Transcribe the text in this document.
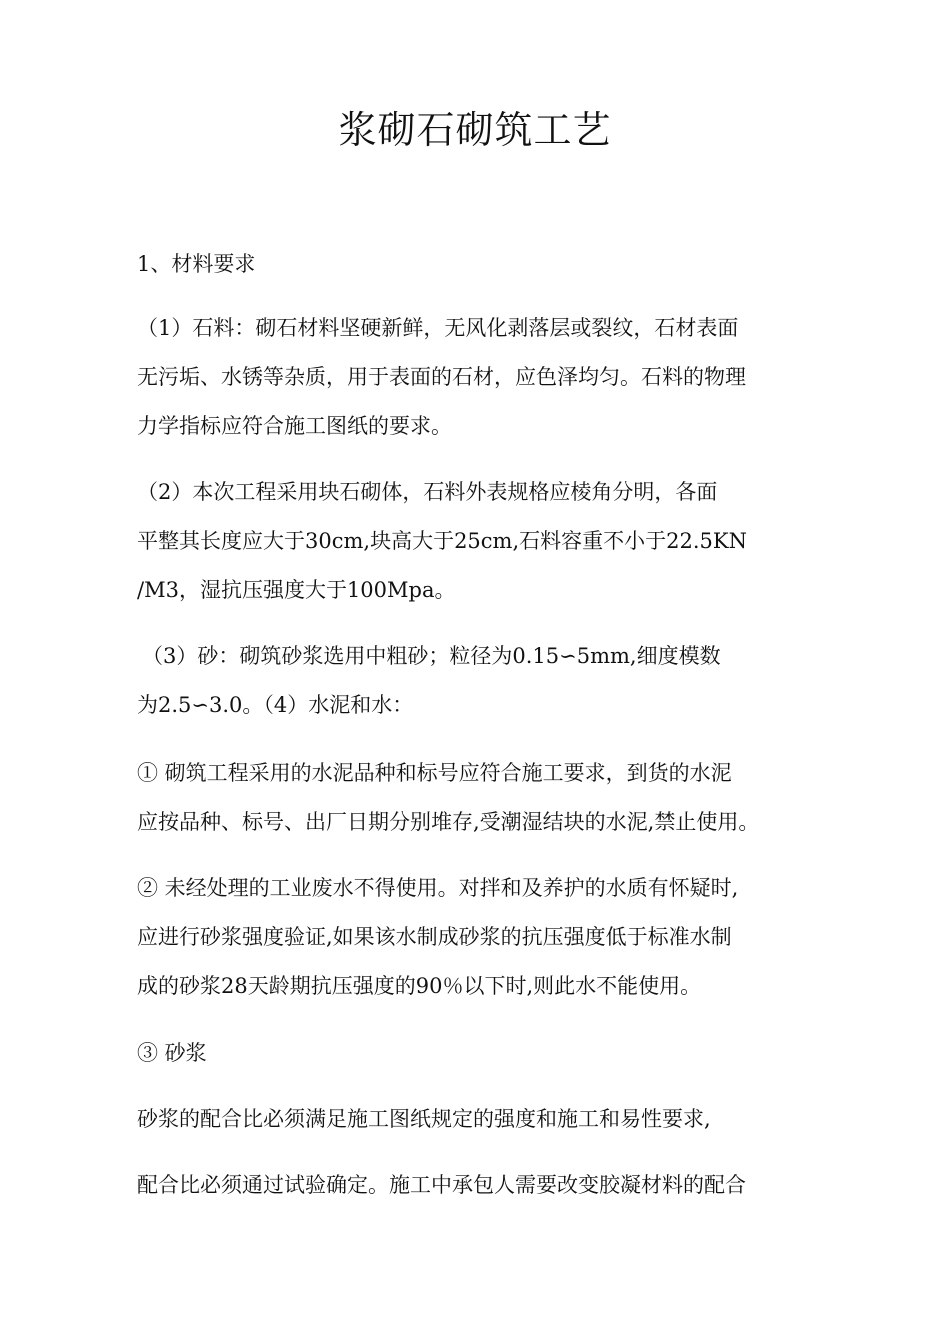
浆砌石砌筑工艺
1、材料要求
（1）石料：砌石材料坚硬新鲜，无风化剥落层或裂纹，石材表面
无污垢、水锈等杂质，用于表面的石材，应色泽均匀。石料的物理
力学指标应符合施工图纸的要求。
（2）本次工程采用块石砌体，石料外表规格应棱角分明，各面
平整其长度应大于30cm,块高大于25cm,石料容重不小于22.5KN
/M3，湿抗压强度大于100Mpa。
（3）砂：砌筑砂浆选用中粗砂；粒径为0.15∽5mm,细度模数
为2.5∽3.0。（4）水泥和水：
① 砌筑工程采用的水泥品种和标号应符合施工要求，到货的水泥
应按品种、标号、出厂日期分别堆存,受潮湿结块的水泥,禁止使用。
② 未经处理的工业废水不得使用。对拌和及养护的水质有怀疑时,
应进行砂浆强度验证,如果该水制成砂浆的抗压强度低于标准水制
成的砂浆28天龄期抗压强度的90％以下时,则此水不能使用。
③ 砂浆
砂浆的配合比必须满足施工图纸规定的强度和施工和易性要求,
配合比必须通过试验确定。施工中承包人需要改变胶凝材料的配合
